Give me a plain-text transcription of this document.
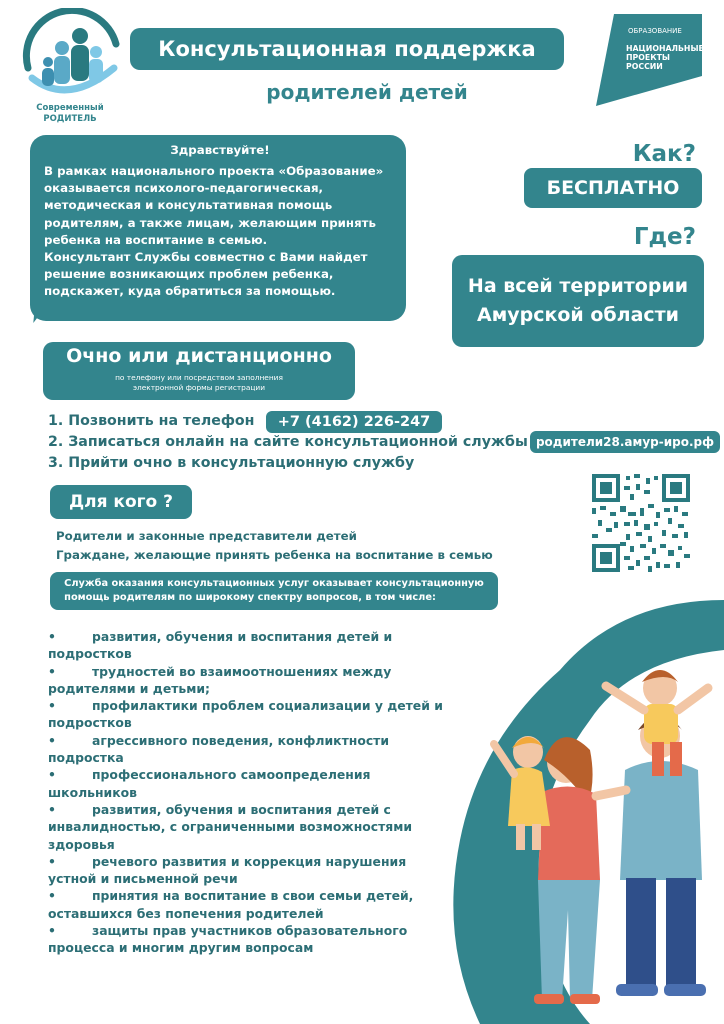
Современный
РОДИТЕЛЬ
Консультационная поддержка
родителей детей
ОБРАЗОВАНИЕ
НАЦИОНАЛЬНЫЕ
ПРОЕКТЫ
РОССИИ
Здравствуйте!
В рамках национального проекта «Образование»
оказывается психолого-педагогическая,
методическая и консультативная помощь
родителям, а также лицам, желающим принять
ребенка на воспитание в семью.
Консультант Службы совместно с Вами найдет
решение возникающих проблем ребенка,
подскажет, куда обратиться за помощью.
Как?
БЕСПЛАТНО
Где?
На всей территории
Амурской области
Очно или дистанционно
по телефону или посредством заполнения
электронной формы регистрации
1. Позвонить на телефон	+7 (4162) 226-247
2. Записаться онлайн на сайте консультационной службы родители28.амур-иро.рф
3. Прийти очно в консультационную службу
Для кого ?
Родители и законные представители детей
Граждане, желающие принять ребенка на воспитание в семью
Служба оказания консультационных услуг оказывает консультационную
помощь родителям по широкому спектру вопросов, в том числе:
•	развития, обучения и воспитания детей и
подростков
•	трудностей во взаимоотношениях между
родителями и детьми;
•	профилактики проблем социализации у детей и
подростков
•	агрессивного поведения, конфликтности
подростка
•	профессионального самоопределения
школьников
•	развития, обучения и воспитания детей с
инвалидностью, с ограниченными возможностями
здоровья
•	речевого развития и коррекция нарушения
устной и письменной речи
•	принятия на воспитание в свои семьи детей,
оставшихся без попечения родителей
•	защиты прав участников образовательного
процесса и многим другим вопросам
